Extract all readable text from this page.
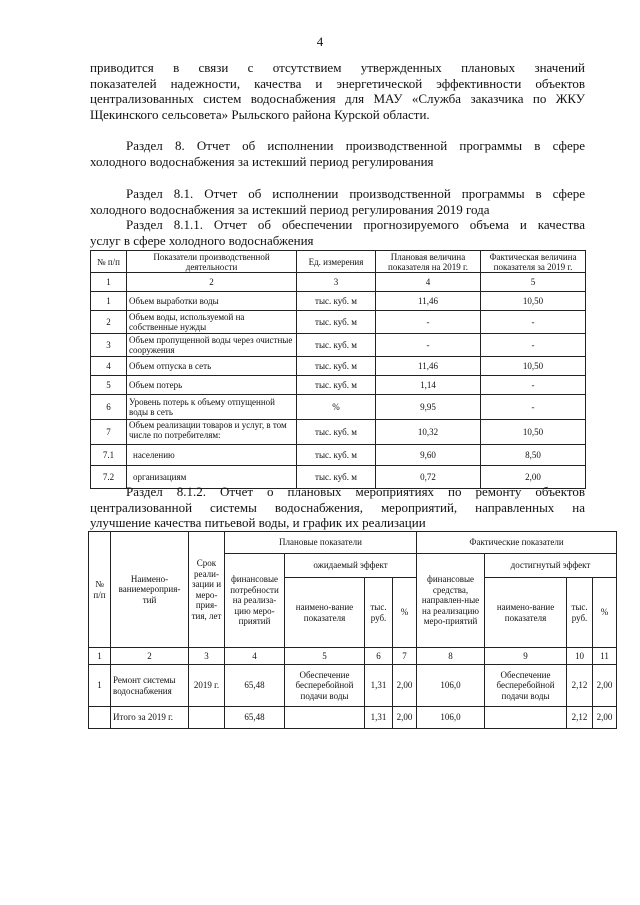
4
приводится в связи с отсутствием утвержденных плановых значений
показателей надежности, качества и энергетической эффективности объектов
централизованных систем водоснабжения для МАУ «Служба заказчика по ЖКУ
Щекинского сельсовета» Рыльского района Курской области.
Раздел 8. Отчет об исполнении производственной программы в сфере
холодного водоснабжения за истекший период регулирования
Раздел 8.1. Отчет об исполнении производственной программы в сфере
холодного водоснабжения за истекший период регулирования 2019 года
Раздел 8.1.1. Отчет об обеспечении прогнозируемого объема и качества
услуг в сфере холодного водоснабжения
№ п/п	Показатели производственной деятельности	Ед. измерения	Плановая величина показателя на 2019 г.	Фактическая величина показателя за 2019 г.
1	2	3	4	5
1	Объем выработки воды	тыс. куб. м	11,46	10,50
2	Объем воды, используемой на собственные нужды	тыс. куб. м	-	-
3	Объем пропущенной воды через очистные сооружения	тыс. куб. м	-	-
4	Объем отпуска в сеть	тыс. куб. м	11,46	10,50
5	Объем потерь	тыс. куб. м	1,14	-
6	Уровень потерь к объему отпущенной воды в сеть	%	9,95	-
7	Объем реализации товаров и услуг, в том числе по потребителям:	тыс. куб. м	10,32	10,50
7.1	населению	тыс. куб. м	9,60	8,50
7.2	организациям	тыс. куб. м	0,72	2,00
Раздел 8.1.2. Отчет о плановых мероприятиях по ремонту объектов
централизованной системы водоснабжения, мероприятий, направленных на
улучшение качества питьевой воды, и график их реализации
№ п/п	Наимено-ваниемероприя-тий	Срок реали-зации и меро-прия-тия, лет	Плановые показатели				Фактические показатели			
			финансовые потребности на реализа-цию меро-приятий	ожидаемый эффект			финансовые средства, направлен-ные на реализацию меро-приятий	достигнутый эффект		
				наимено-вание показателя	тыс. руб.	%		наимено-вание показателя	тыс. руб.	%
1	2	3	4	5	6	7	8	9	10	11
1	Ремонт системы водоснабжения	2019 г.	65,48	Обеспечение бесперебойной подачи воды	1,31	2,00	106,0	Обеспечение бесперебойной подачи воды	2,12	2,00
	Итого за 2019 г.		65,48		1,31	2,00	106,0		2,12	2,00
